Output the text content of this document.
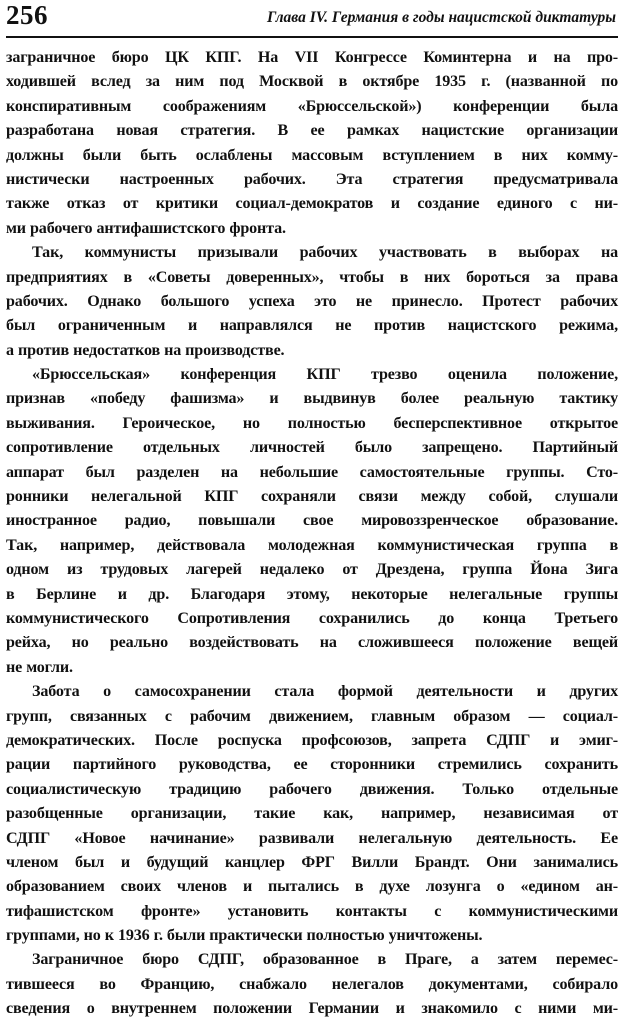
256	Глава IV. Германия в годы нацистской диктатуры
заграничное бюро ЦК КПГ. На VII Конгрессе Коминтерна и на про-
ходившей вслед за ним под Москвой в октябре 1935 г. (названной по
конспиративным соображениям «Брюссельской») конференции была
разработана новая стратегия. В ее рамках нацистские организации
должны были быть ослаблены массовым вступлением в них комму-
нистически настроенных рабочих. Эта стратегия предусматривала
также отказ от критики социал-демократов и создание единого с ни-
ми рабочего антифашистского фронта.
Так, коммунисты призывали рабочих участвовать в выборах на
предприятиях в «Советы доверенных», чтобы в них бороться за права
рабочих. Однако большого успеха это не принесло. Протест рабочих
был ограниченным и направлялся не против нацистского режима,
а против недостатков на производстве.
«Брюссельская» конференция КПГ трезво оценила положение,
признав «победу фашизма» и выдвинув более реальную тактику
выживания. Героическое, но полностью бесперспективное открытое
сопротивление отдельных личностей было запрещено. Партийный
аппарат был разделен на небольшие самостоятельные группы. Сто-
ронники нелегальной КПГ сохраняли связи между собой, слушали
иностранное радио, повышали свое мировоззренческое образование.
Так, например, действовала молодежная коммунистическая группа в
одном из трудовых лагерей недалеко от Дрездена, группа Йона Зига
в Берлине и др. Благодаря этому, некоторые нелегальные группы
коммунистического Сопротивления сохранились до конца Третьего
рейха, но реально воздействовать на сложившееся положение вещей
не могли.
Забота о самосохранении стала формой деятельности и других
групп, связанных с рабочим движением, главным образом — социал-
демократических. После роспуска профсоюзов, запрета СДПГ и эмиг-
рации партийного руководства, ее сторонники стремились сохранить
социалистическую традицию рабочего движения. Только отдельные
разобщенные организации, такие как, например, независимая от
СДПГ «Новое начинание» развивали нелегальную деятельность. Ее
членом был и будущий канцлер ФРГ Вилли Брандт. Они занимались
образованием своих членов и пытались в духе лозунга о «едином ан-
тифашистском фронте» установить контакты с коммунистическими
группами, но к 1936 г. были практически полностью уничтожены.
Заграничное бюро СДПГ, образованное в Праге, а затем перемес-
тившееся во Францию, снабжало нелегалов документами, собирало
сведения о внутреннем положении Германии и знакомило с ними ми-
